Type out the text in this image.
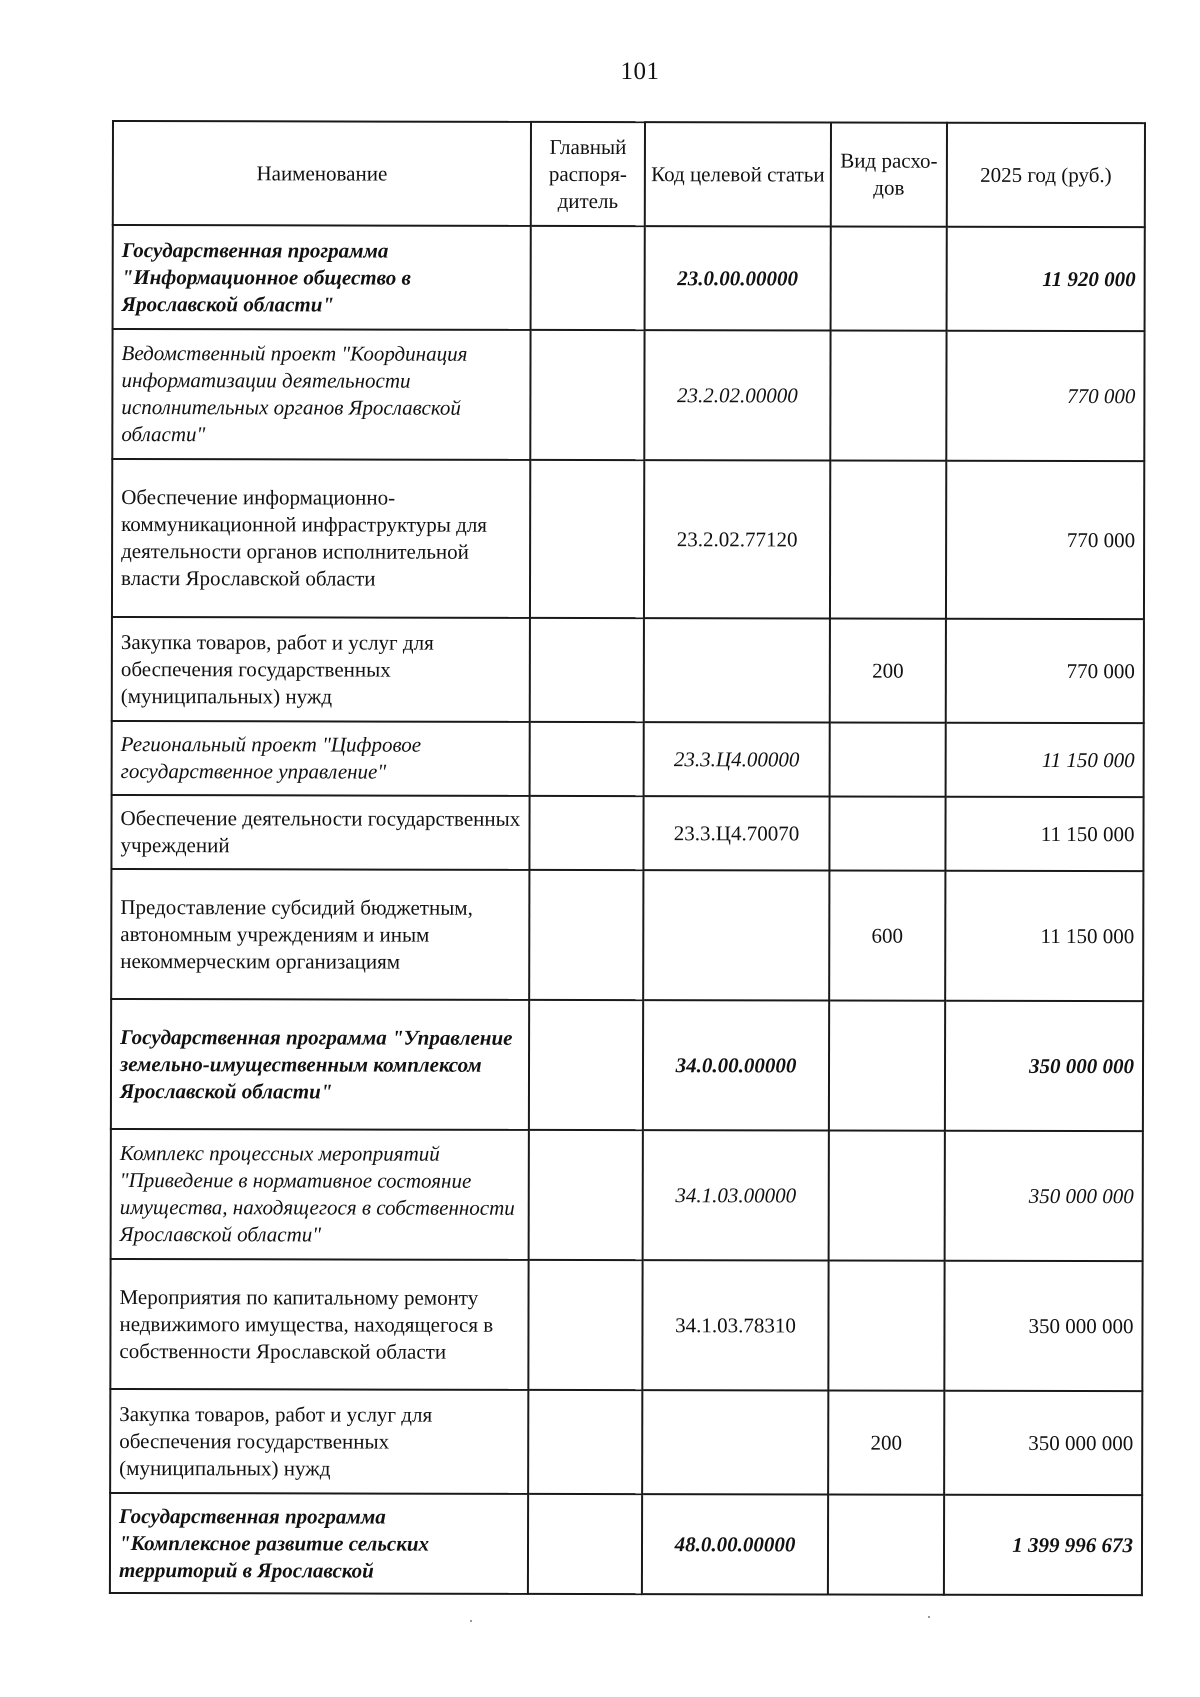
101
Наименование	Главный распоря-дитель	Код целевой статьи	Вид расхо-дов	2025 год (руб.)
Государственная программа "Информационное общество в Ярославской области"		23.0.00.00000		11 920 000
Ведомственный проект "Координация информатизации деятельности исполнительных органов Ярославской области"		23.2.02.00000		770 000
Обеспечение информационно-коммуникационной инфраструктуры для деятельности органов исполнительной власти Ярославской области		23.2.02.77120		770 000
Закупка товаров, работ и услуг для обеспечения государственных (муниципальных) нужд			200	770 000
Региональный проект "Цифровое государственное управление"		23.3.Ц4.00000		11 150 000
Обеспечение деятельности государственных учреждений		23.3.Ц4.70070		11 150 000
Предоставление субсидий бюджетным, автономным учреждениям и иным некоммерческим организациям			600	11 150 000
Государственная программа "Управление земельно-имущественным комплексом Ярославской области"		34.0.00.00000		350 000 000
Комплекс процессных мероприятий "Приведение в нормативное состояние имущества, находящегося в собственности Ярославской области"		34.1.03.00000		350 000 000
Мероприятия по капитальному ремонту недвижимого имущества, находящегося в собственности Ярославской области		34.1.03.78310		350 000 000
Закупка товаров, работ и услуг для обеспечения государственных (муниципальных) нужд			200	350 000 000
Государственная программа "Комплексное развитие сельских территорий в Ярославской		48.0.00.00000		1 399 996 673
